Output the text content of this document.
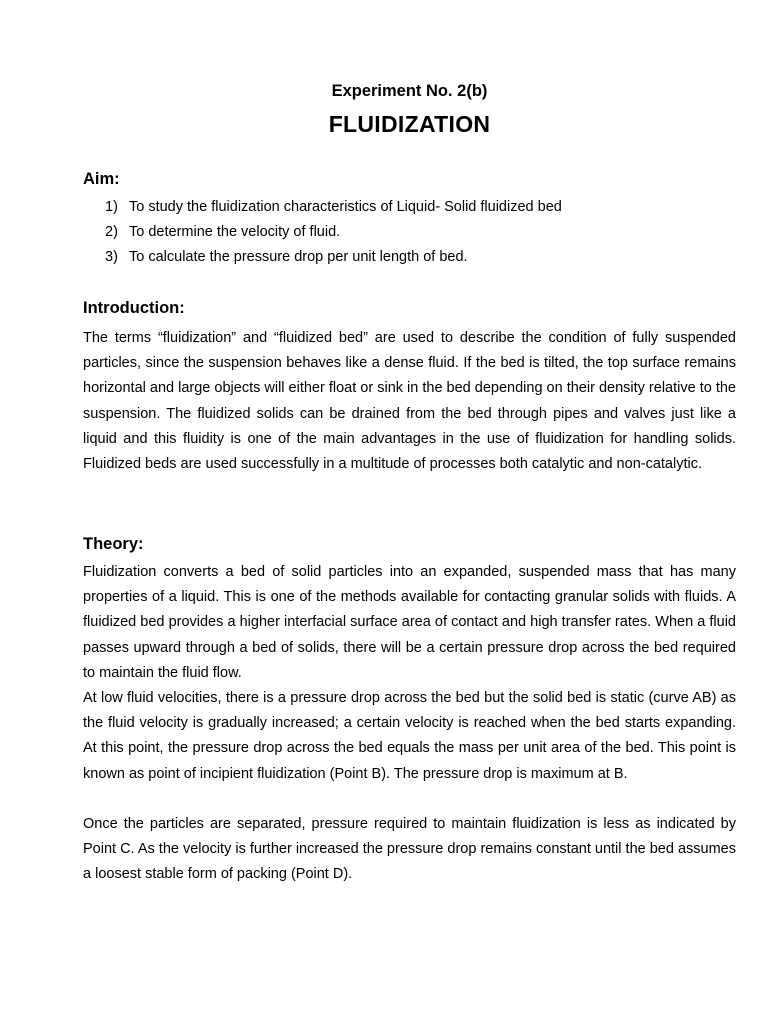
Experiment No. 2(b)
FLUIDIZATION
Aim:
1) To study the fluidization characteristics of Liquid- Solid fluidized bed
2) To determine the velocity of fluid.
3) To calculate the pressure drop per unit length of bed.
Introduction:

The terms “fluidization” and “fluidized bed” are used to describe the condition of fully suspended particles, since the suspension behaves like a dense fluid. If the bed is tilted, the top surface remains horizontal and large objects will either float or sink in the bed depending on their density relative to the suspension. The fluidized solids can be drained from the bed through pipes and valves just like a liquid and this fluidity is one of the main advantages in the use of fluidization for handling solids. Fluidized beds are used successfully in a multitude of processes both catalytic and non-catalytic.

Theory:

Fluidization converts a bed of solid particles into an expanded, suspended mass that has many properties of a liquid. This is one of the methods available for contacting granular solids with fluids. A fluidized bed provides a higher interfacial surface area of contact and high transfer rates. When a fluid passes upward through a bed of solids, there will be a certain pressure drop across the bed required to maintain the fluid flow.

At low fluid velocities, there is a pressure drop across the bed but the solid bed is static (curve AB) as the fluid velocity is gradually increased; a certain velocity is reached when the bed starts expanding. At this point, the pressure drop across the bed equals the mass per unit area of the bed. This point is known as point of incipient fluidization (Point B). The pressure drop is maximum at B.

Once the particles are separated, pressure required to maintain fluidization is less as indicated by Point C. As the velocity is further increased the pressure drop remains constant until the bed assumes a loosest stable form of packing (Point D).
